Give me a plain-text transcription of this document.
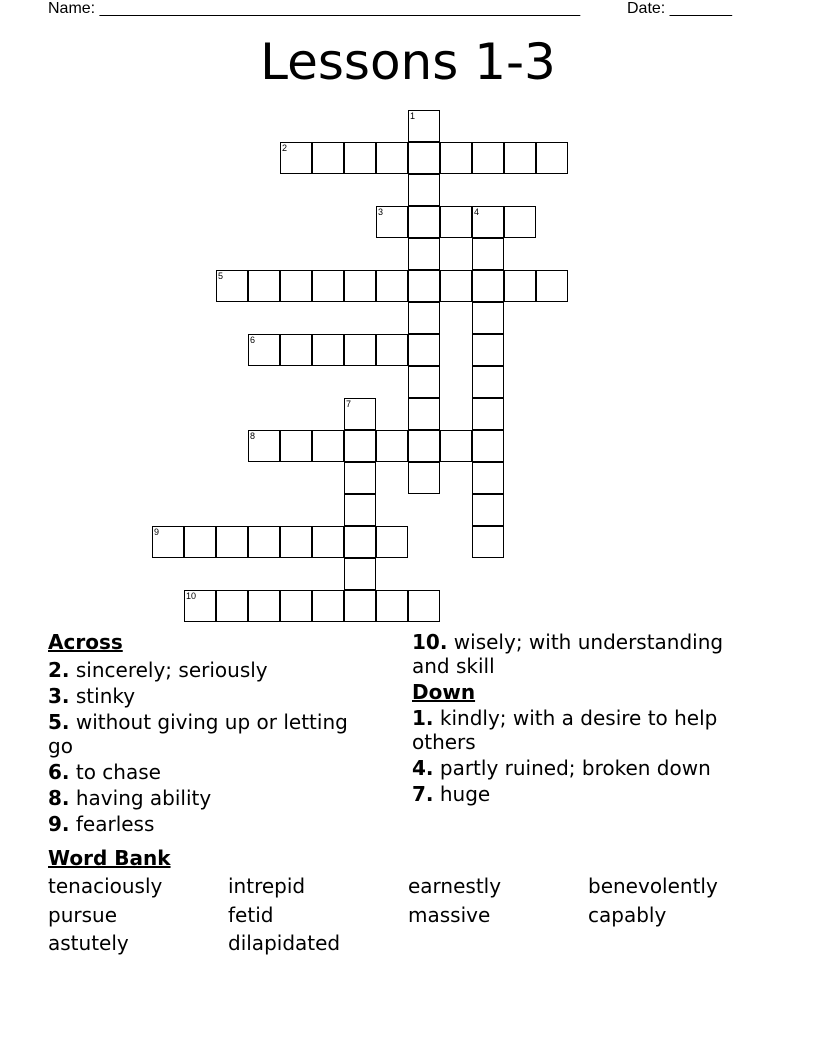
Name: ______________________________________________________	Date: _______
Lessons 1-3
1
2
3	4
5
6
7
8
9
10
Across
2. sincerely; seriously
3. stinky
5. without giving up or letting go
6. to chase
8. having ability
9. fearless
10. wisely; with understanding and skill
Down
1. kindly; with a desire to help others
4. partly ruined; broken down
7. huge
Word Bank
tenaciously	intrepid	earnestly	benevolently
pursue	fetid	massive	capably
astutely	dilapidated
